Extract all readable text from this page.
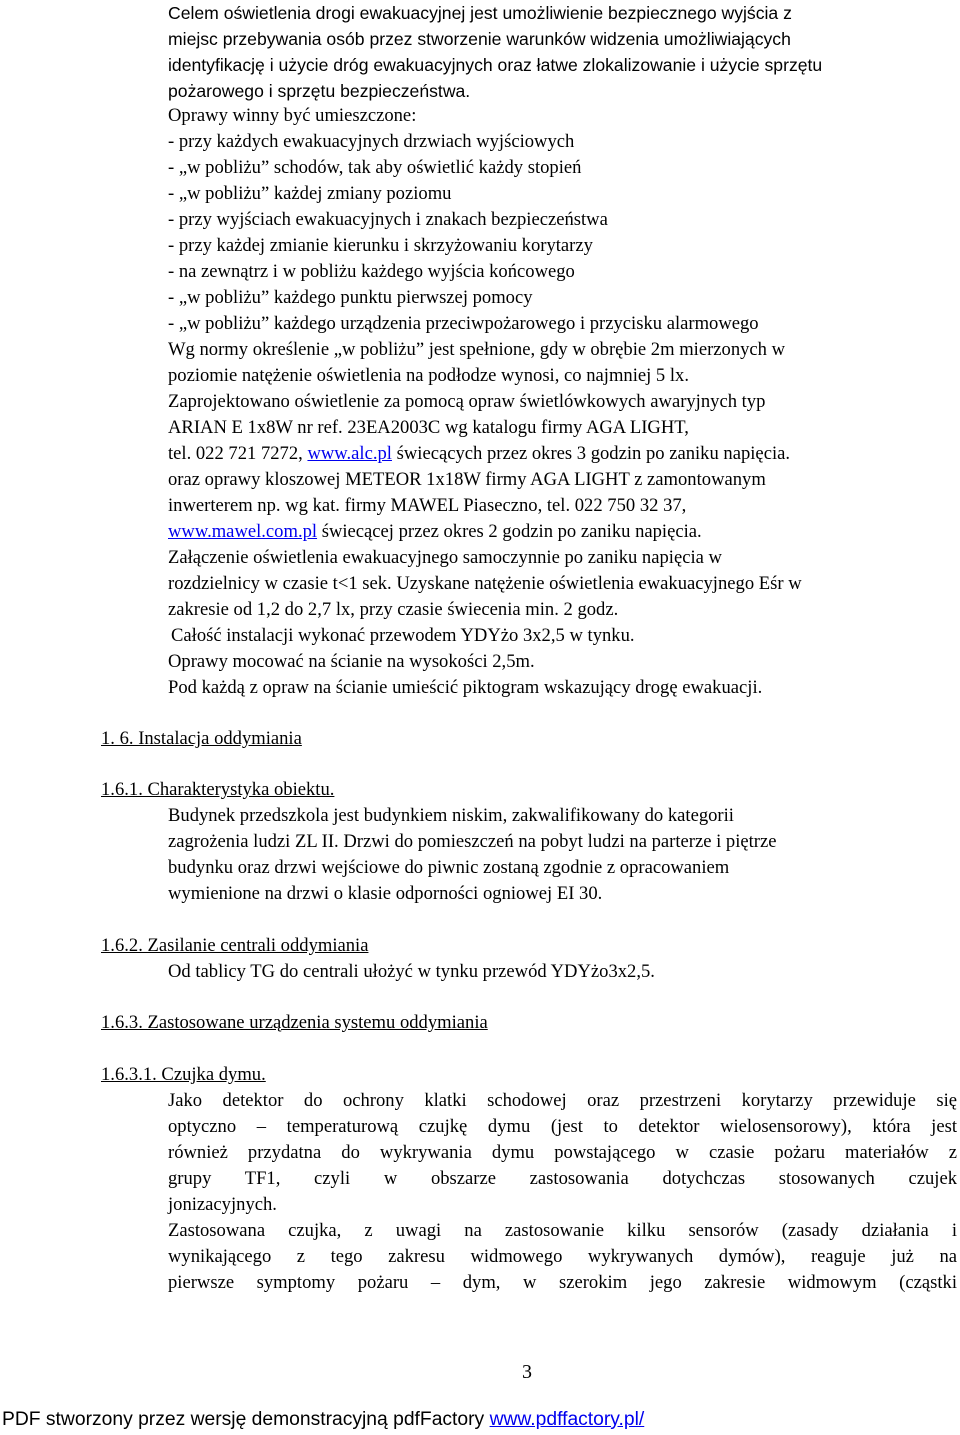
Celem oświetlenia drogi ewakuacyjnej jest umożliwienie bezpiecznego wyjścia z
miejsc przebywania osób przez stworzenie warunków widzenia umożliwiających
identyfikację i użycie dróg ewakuacyjnych oraz łatwe zlokalizowanie i użycie sprzętu
pożarowego i sprzętu bezpieczeństwa.
Oprawy winny być umieszczone:
- przy każdych ewakuacyjnych drzwiach wyjściowych
- „w pobliżu” schodów, tak aby oświetlić każdy stopień
- „w pobliżu” każdej zmiany poziomu
- przy wyjściach ewakuacyjnych i znakach bezpieczeństwa
- przy każdej zmianie kierunku i skrzyżowaniu korytarzy
- na zewnątrz i w pobliżu każdego wyjścia końcowego
- „w pobliżu” każdego punktu pierwszej pomocy
- „w pobliżu” każdego urządzenia przeciwpożarowego i przycisku alarmowego
Wg normy określenie „w pobliżu” jest spełnione, gdy w obrębie 2m mierzonych w
poziomie natężenie oświetlenia na podłodze wynosi, co najmniej 5 lx.
Zaprojektowano oświetlenie za pomocą opraw świetlówkowych awaryjnych typ
ARIAN E 1x8W nr ref. 23EA2003C wg katalogu firmy AGA LIGHT,
tel. 022 721 7272, www.alc.pl świecących przez okres 3 godzin po zaniku napięcia.
oraz oprawy kloszowej METEOR 1x18W firmy AGA LIGHT z zamontowanym
inwerterem np. wg kat. firmy MAWEL Piaseczno, tel. 022 750 32 37,
www.mawel.com.pl świecącej przez okres 2 godzin po zaniku napięcia.
Załączenie oświetlenia ewakuacyjnego samoczynnie po zaniku napięcia w
rozdzielnicy w czasie t<1 sek. Uzyskane natężenie oświetlenia ewakuacyjnego Eśr w
zakresie od 1,2 do 2,7 lx, przy czasie świecenia min. 2 godz.
Całość instalacji wykonać przewodem YDYżo 3x2,5 w tynku.
Oprawy mocować na ścianie na wysokości 2,5m.
Pod każdą z opraw na ścianie umieścić piktogram wskazujący drogę ewakuacji.
1. 6. Instalacja oddymiania
1.6.1. Charakterystyka obiektu.
Budynek przedszkola jest budynkiem niskim, zakwalifikowany do kategorii
zagrożenia ludzi ZL II. Drzwi do pomieszczeń na pobyt ludzi na parterze i piętrze
budynku oraz drzwi wejściowe do piwnic zostaną zgodnie z opracowaniem
wymienione na drzwi o klasie odporności ogniowej EI 30.
1.6.2. Zasilanie centrali oddymiania
Od tablicy TG do centrali ułożyć w tynku przewód YDYżo3x2,5.
1.6.3. Zastosowane urządzenia systemu oddymiania
1.6.3.1. Czujka dymu.
Jako detektor do ochrony klatki schodowej oraz przestrzeni korytarzy przewiduje się
optyczno – temperaturową czujkę dymu (jest to detektor wielosensorowy), która jest
również przydatna do wykrywania dymu powstającego w czasie pożaru materiałów z
grupy TF1, czyli w obszarze zastosowania dotychczas stosowanych czujek
jonizacyjnych.
Zastosowana czujka, z uwagi na zastosowanie kilku sensorów (zasady działania i
wynikającego z tego zakresu widmowego wykrywanych dymów), reaguje już na
pierwsze symptomy pożaru – dym, w szerokim jego zakresie widmowym (cząstki
3
PDF stworzony przez wersję demonstracyjną pdfFactory www.pdffactory.pl/
